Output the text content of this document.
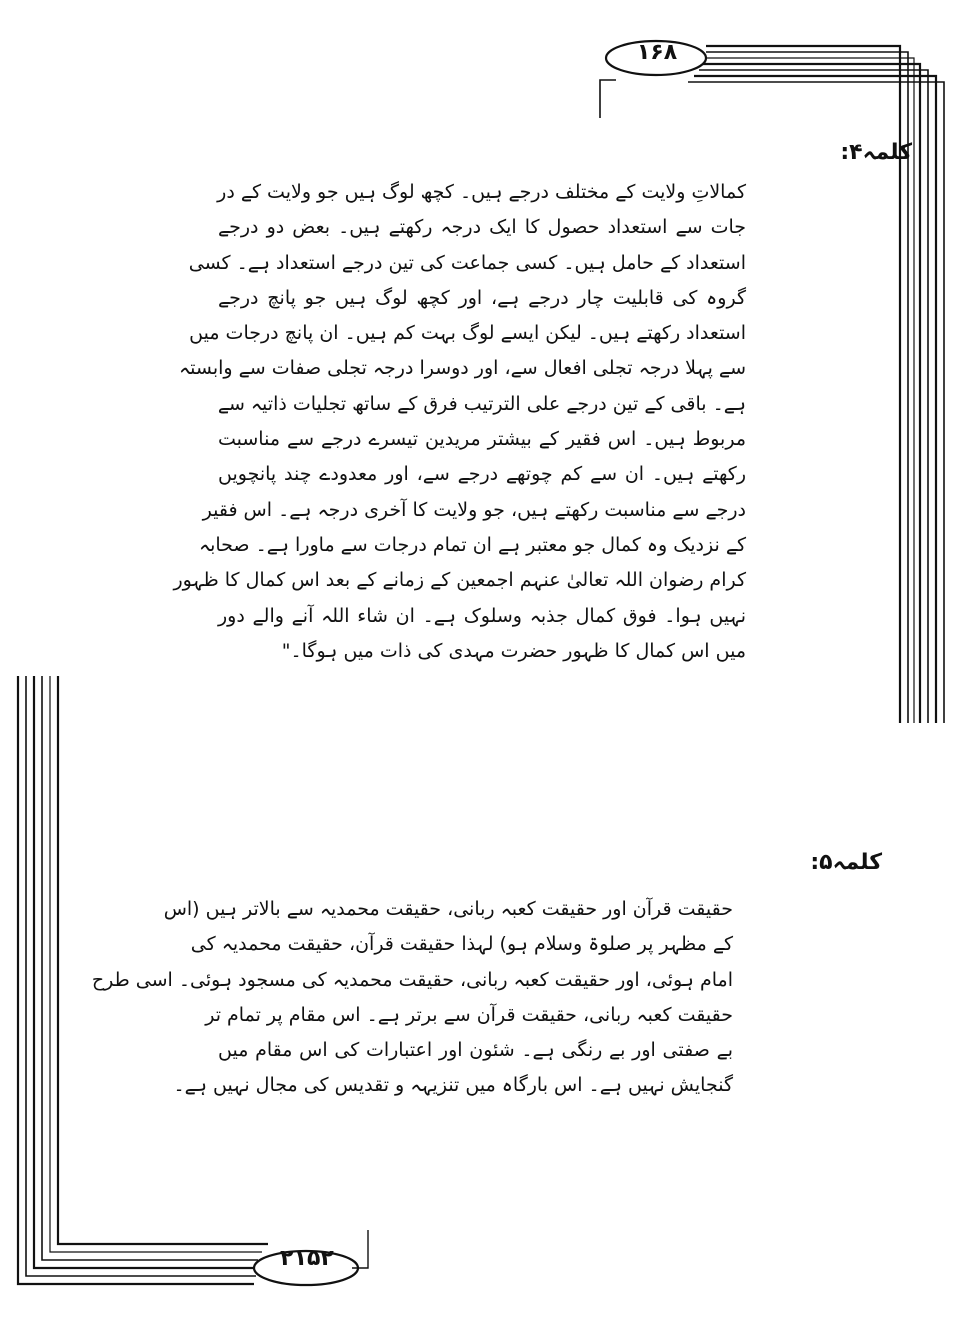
۱۶۸
۲۱۵۲
کلمہ۴:
کمالاتِ ولایت کے مختلف درجے ہیں۔ کچھ لوگ ہیں جو ولایت کے در
جات سے استعداد حصول کا ایک درجہ رکھتے ہیں۔ بعض دو درجے
استعداد کے حامل ہیں۔ کسی جماعت کی تین درجے استعداد ہے۔ کسی
گروہ کی قابلیت چار درجے ہے، اور کچھ لوگ ہیں جو پانچ درجے
استعداد رکھتے ہیں۔ لیکن ایسے لوگ بہت کم ہیں۔ ان پانچ درجات میں
سے پہلا درجہ تجلی افعال سے، اور دوسرا درجہ تجلی صفات سے وابستہ
ہے۔ باقی کے تین درجے علی الترتیب فرق کے ساتھ تجلیات ذاتیہ سے
مربوط ہیں۔ اس فقیر کے بیشتر مریدین تیسرے درجے سے مناسبت
رکھتے ہیں۔ ان سے کم چوتھے درجے سے، اور معدودے چند پانچویں
درجے سے مناسبت رکھتے ہیں، جو ولایت کا آخری درجہ ہے۔ اس فقیر
کے نزدیک وہ کمال جو معتبر ہے ان تمام درجات سے ماورا ہے۔ صحابہ
کرام رضوان اللہ تعالیٰ عنہم اجمعین کے زمانے کے بعد اس کمال کا ظہور
نہیں ہوا۔ فوق کمال جذبہ وسلوک ہے۔ ان شاء اللہ آنے والے دور
میں اس کمال کا ظہور حضرت مہدی کی ذات میں ہوگا۔"
کلمہ۵:
حقیقت قرآن اور حقیقت کعبہ ربانی، حقیقت محمدیہ سے بالاتر ہیں (اس
کے مظہر پر صلوۃ وسلام ہو) لہذا حقیقت قرآن، حقیقت محمدیہ کی
امام ہوئی، اور حقیقت کعبہ ربانی، حقیقت محمدیہ کی مسجود ہوئی۔ اسی طرح
حقیقت کعبہ ربانی، حقیقت قرآن سے برتر ہے۔ اس مقام پر تمام تر
بے صفتی اور بے رنگی ہے۔ شئون اور اعتبارات کی اس مقام میں
گنجایش نہیں ہے۔ اس بارگاہ میں تنزیہہ و تقدیس کی مجال نہیں ہے۔
